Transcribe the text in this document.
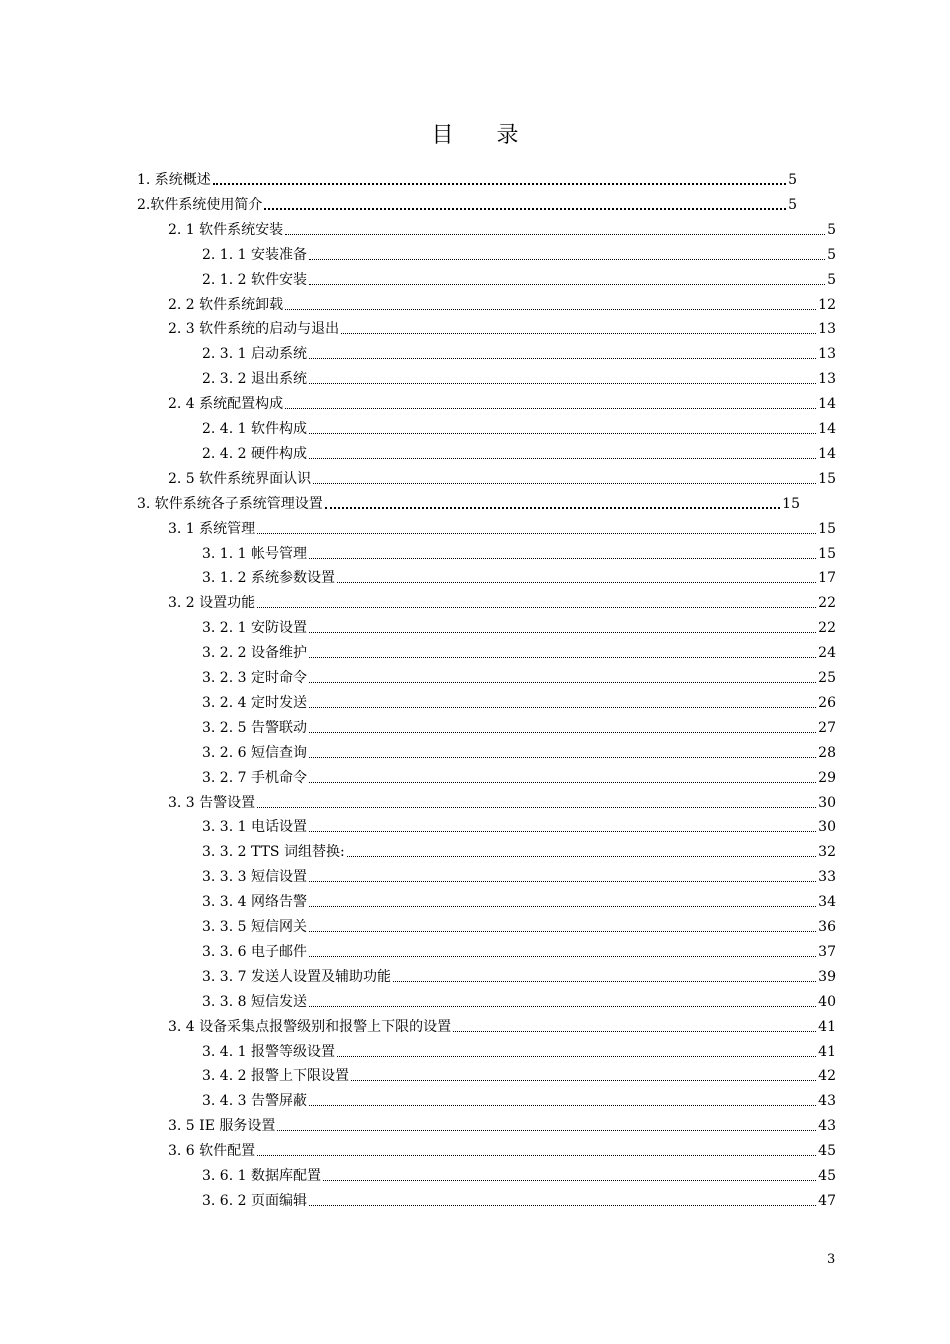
目 录
1. 系统概述	5
2.软件系统使用简介	5
2. 1 软件系统安装	5
2. 1. 1 安装准备	5
2. 1. 2 软件安装	5
2. 2 软件系统卸载	12
2. 3 软件系统的启动与退出	13
2. 3. 1 启动系统	13
2. 3. 2 退出系统	13
2. 4 系统配置构成	14
2. 4. 1 软件构成	14
2. 4. 2 硬件构成	14
2. 5 软件系统界面认识	15
3. 软件系统各子系统管理设置	15
3. 1 系统管理	15
3. 1. 1 帐号管理	15
3. 1. 2 系统参数设置	17
3. 2 设置功能	22
3. 2. 1 安防设置	22
3. 2. 2 设备维护	24
3. 2. 3 定时命令	25
3. 2. 4 定时发送	26
3. 2. 5 告警联动	27
3. 2. 6 短信查询	28
3. 2. 7 手机命令	29
3. 3 告警设置	30
3. 3. 1 电话设置	30
3. 3. 2 TTS 词组替换:	32
3. 3. 3 短信设置	33
3. 3. 4 网络告警	34
3. 3. 5 短信网关	36
3. 3. 6 电子邮件	37
3. 3. 7 发送人设置及辅助功能	39
3. 3. 8 短信发送	40
3. 4 设备采集点报警级别和报警上下限的设置	41
3. 4. 1 报警等级设置	41
3. 4. 2 报警上下限设置	42
3. 4. 3 告警屏蔽	43
3. 5 IE 服务设置	43
3. 6 软件配置	45
3. 6. 1 数据库配置	45
3. 6. 2 页面编辑	47
3
